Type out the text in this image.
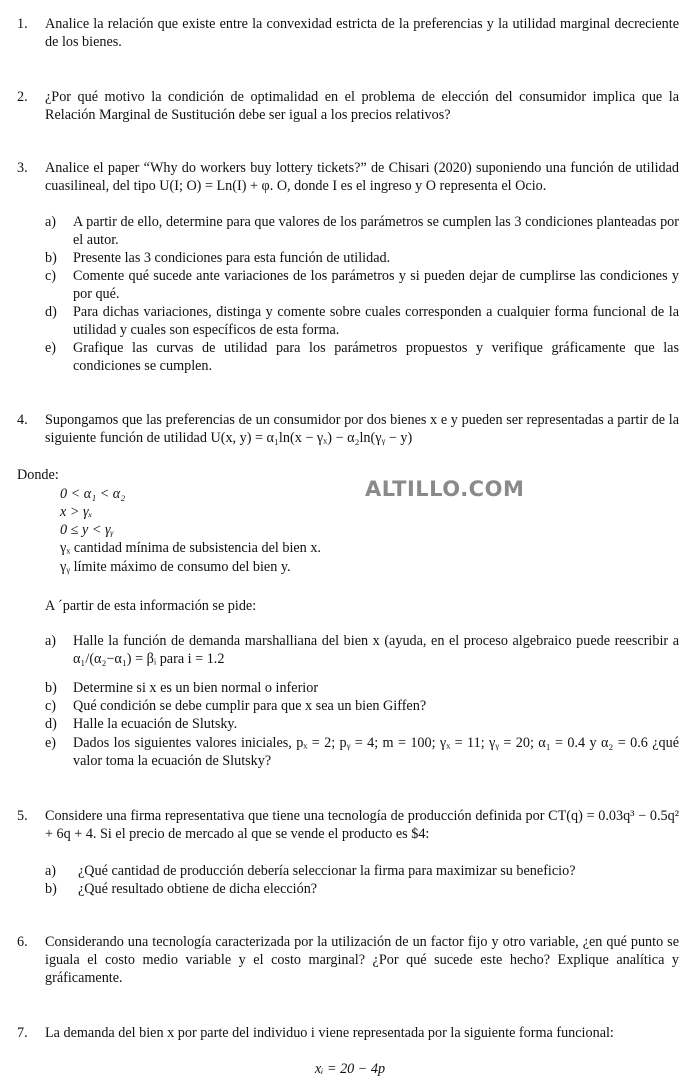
ALTILLO.COM
1. Analice la relación que existe entre la convexidad estricta de la preferencias y la utilidad marginal decreciente de los bienes.
2. ¿Por qué motivo la condición de optimalidad en el problema de elección del consumidor implica que la Relación Marginal de Sustitución debe ser igual a los precios relativos?
3. Analice el paper “Why do workers buy lottery tickets?” de Chisari (2020) suponiendo una función de utilidad cuasilineal, del tipo U(I; O) = Ln(I) + φ. O, donde I es el ingreso y O representa el Ocio.
a) A partir de ello, determine para que valores de los parámetros se cumplen las 3 condiciones planteadas por el autor.
b) Presente las 3 condiciones para esta función de utilidad.
c) Comente qué sucede ante variaciones de los parámetros y si pueden dejar de cumplirse las condiciones y por qué.
d) Para dichas variaciones, distinga y comente sobre cuales corresponden a cualquier forma funcional de la utilidad y cuales son específicos de esta forma.
e) Grafique las curvas de utilidad para los parámetros propuestos y verifique gráficamente que las condiciones se cumplen.
4. Supongamos que las preferencias de un consumidor por dos bienes x e y pueden ser representadas a partir de la siguiente función de utilidad U(x, y) = α₁ln(x − γₓ) − α₂ln(γᵧ − y)
Donde:
0 < α₁ < α₂
x > γₓ
0 ≤ y < γᵧ
γₓ cantidad mínima de subsistencia del bien x.
γᵧ límite máximo de consumo del bien y.
A ´partir de esta información se pide:
a) Halle la función de demanda marshalliana del bien x (ayuda, en el proceso algebraico puede reescribir a α₁/(α₂−α₁) = βᵢ para i = 1.2
b) Determine si x es un bien normal o inferior
c) Qué condición se debe cumplir para que x sea un bien Giffen?
d) Halle la ecuación de Slutsky.
e) Dados los siguientes valores iniciales, pₓ = 2; pᵧ = 4; m = 100; γₓ = 11; γᵧ = 20; α₁ = 0.4 y α₂ = 0.6 ¿qué valor toma la ecuación de Slutsky?
5. Considere una firma representativa que tiene una tecnología de producción definida por CT(q) = 0.03q³ − 0.5q² + 6q + 4. Si el precio de mercado al que se vende el producto es $4:
a) ¿Qué cantidad de producción debería seleccionar la firma para maximizar su beneficio?
b) ¿Qué resultado obtiene de dicha elección?
6. Considerando una tecnología caracterizada por la utilización de un factor fijo y otro variable, ¿en qué punto se iguala el costo medio variable y el costo marginal? ¿Por qué sucede este hecho? Explique analítica y gráficamente.
7. La demanda del bien x por parte del individuo i viene representada por la siguiente forma funcional:
xᵢ = 20 − 4p
